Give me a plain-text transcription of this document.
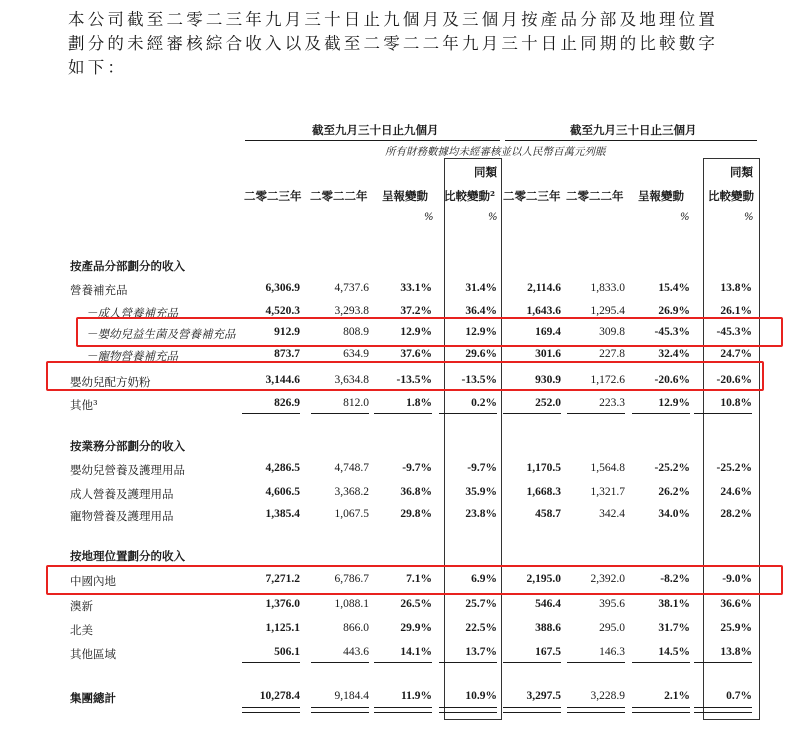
本公司截至二零二三年九月三十日止九個月及三個月按產品分部及地理位置
劃分的未經審核綜合收入以及截至二零二二年九月三十日止同期的比較數字
如下：
截至九月三十日止九個月	截至九月三十日止三個月
所有財務數據均未經審核並以人民幣百萬元列賬
同類	同類
二零二三年 二零二二年 呈報變動 比較變動² 二零二三年 二零二二年 呈報變動 比較變動
%	%	%	%
按產品分部劃分的收入
營養補充品	6,306.9	4,737.6	33.1%	31.4%	2,114.6	1,833.0	15.4%	13.8%
－成人營養補充品	4,520.3	3,293.8	37.2%	36.4%	1,643.6	1,295.4	26.9%	26.1%
－嬰幼兒益生菌及營養補充品	912.9	808.9	12.9%	12.9%	169.4	309.8	-45.3% -45.3%
－寵物營養補充品	873.7	634.9	37.6%	29.6%	301.6	227.8	32.4%	24.7%
嬰幼兒配方奶粉	3,144.6	3,634.8 -13.5%	-13.5%	930.9	1,172.6	-20.6% -20.6%
其他³	826.9	812.0	1.8%	0.2%	252.0	223.3	12.9%	10.8%
按業務分部劃分的收入
嬰幼兒營養及護理用品	4,286.5	4,748.7	-9.7%	-9.7%	1,170.5	1,564.8	-25.2% -25.2%
成人營養及護理用品	4,606.5	3,368.2	36.8%	35.9%	1,668.3	1,321.7	26.2%	24.6%
寵物營養及護理用品	1,385.4	1,067.5	29.8%	23.8%	458.7	342.4	34.0%	28.2%
按地理位置劃分的收入
中國內地	7,271.2	6,786.7	7.1%	6.9%	2,195.0	2,392.0	-8.2%	-9.0%
澳新	1,376.0	1,088.1	26.5%	25.7%	546.4	395.6	38.1%	36.6%
北美	1,125.1	866.0	29.9%	22.5%	388.6	295.0	31.7%	25.9%
其他區域	506.1	443.6	14.1%	13.7%	167.5	146.3	14.5%	13.8%
集團總計	10,278.4	9,184.4	11.9%	10.9%	3,297.5	3,228.9	2.1%	0.7%
